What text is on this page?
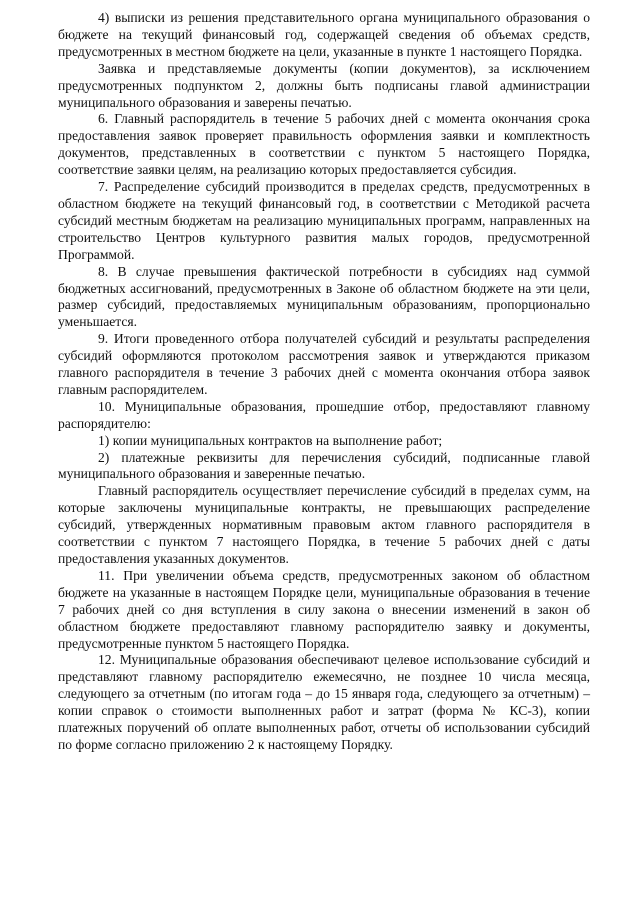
4) выписки из решения представительного органа муниципального образования о бюджете на текущий финансовый год, содержащей сведения об объемах средств, предусмотренных в местном бюджете на цели, указанные в пункте 1 настоящего Порядка.

Заявка и представляемые документы (копии документов), за исключением предусмотренных подпунктом 2, должны быть подписаны главой администрации муниципального образования и заверены печатью.

6. Главный распорядитель в течение 5 рабочих дней с момента окончания срока предоставления заявок проверяет правильность оформления заявки и комплектность документов, представленных в соответствии с пунктом 5 настоящего Порядка, соответствие заявки целям, на реализацию которых предоставляется субсидия.

7. Распределение субсидий производится в пределах средств, предусмотренных в областном бюджете на текущий финансовый год, в соответствии с Методикой расчета субсидий местным бюджетам на реализацию муниципальных программ, направленных на строительство Центров культурного развития малых городов, предусмотренной Программой.

8. В случае превышения фактической потребности в субсидиях над суммой бюджетных ассигнований, предусмотренных в Законе об областном бюджете на эти цели, размер субсидий, предоставляемых муниципальным образованиям, пропорционально уменьшается.

9. Итоги проведенного отбора получателей субсидий и результаты распределения субсидий оформляются протоколом рассмотрения заявок и утверждаются приказом главного распорядителя в течение 3 рабочих дней с момента окончания отбора заявок главным распорядителем.

10. Муниципальные образования, прошедшие отбор, предоставляют главному распорядителю:

1) копии муниципальных контрактов на выполнение работ;

2) платежные реквизиты для перечисления субсидий, подписанные главой муниципального образования и заверенные печатью.

Главный распорядитель осуществляет перечисление субсидий в пределах сумм, на которые заключены муниципальные контракты, не превышающих распределение субсидий, утвержденных нормативным правовым актом главного распорядителя в соответствии с пунктом 7 настоящего Порядка, в течение 5 рабочих дней с даты предоставления указанных документов.

11. При увеличении объема средств, предусмотренных законом об областном бюджете на указанные в настоящем Порядке цели, муниципальные образования в течение 7 рабочих дней со дня вступления в силу закона о внесении изменений в закон об областном бюджете предоставляют главному распорядителю заявку и документы, предусмотренные пунктом 5 настоящего Порядка.

12. Муниципальные образования обеспечивают целевое использование субсидий и представляют главному распорядителю ежемесячно, не позднее 10 числа месяца, следующего за отчетным (по итогам года – до 15 января года, следующего за отчетным) – копии справок о стоимости выполненных работ и затрат (форма № КС-3), копии платежных поручений об оплате выполненных работ, отчеты об использовании субсидий по форме согласно приложению 2 к настоящему Порядку.
